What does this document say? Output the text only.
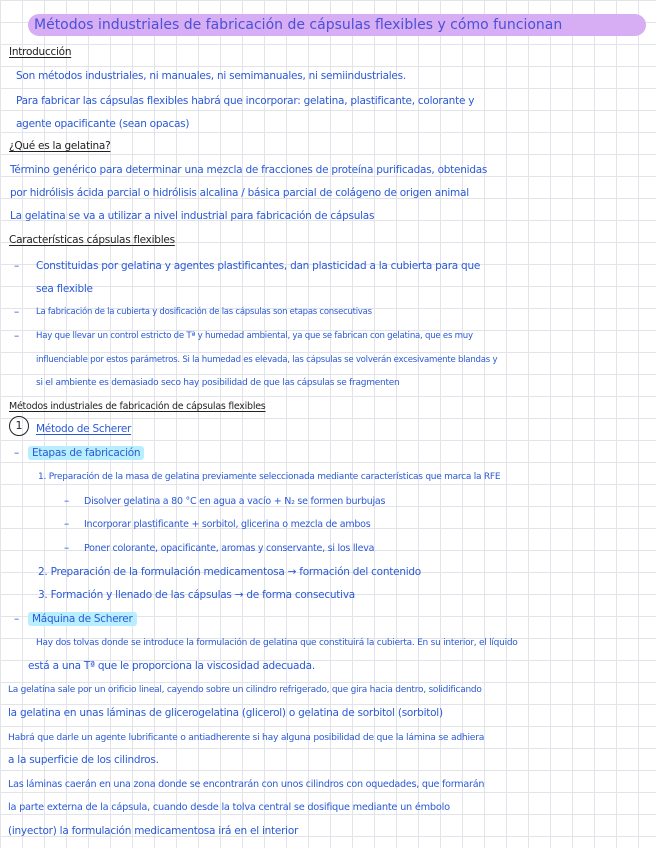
Métodos industriales de fabricación de cápsulas flexibles y cómo funcionan
Introducción
Son métodos industriales, ni manuales, ni semimanuales, ni semiindustriales.
Para fabricar las cápsulas flexibles habrá que incorporar: gelatina, plastificante, colorante y
agente opacificante (sean opacas)
¿Qué es la gelatina?
Término genérico para determinar una mezcla de fracciones de proteína purificadas, obtenidas
por hidrólisis ácida parcial o hidrólisis alcalina / básica parcial de colágeno de origen animal
La gelatina se va a utilizar a nivel industrial para fabricación de cápsulas
Características cápsulas flexibles
– Constituidas por gelatina y agentes plastificantes, dan plasticidad a la cubierta para que
sea flexible
– La fabricación de la cubierta y dosificación de las cápsulas son etapas consecutivas
– Hay que llevar un control estricto de Tª y humedad ambiental, ya que se fabrican con gelatina, que es muy
influenciable por estos parámetros. Si la humedad es elevada, las cápsulas se volverán excesivamente blandas y
si el ambiente es demasiado seco hay posibilidad de que las cápsulas se fragmenten
Métodos industriales de fabricación de cápsulas flexibles
1	Método de Scherer
–	Etapas de fabricación
1. Preparación de la masa de gelatina previamente seleccionada mediante características que marca la RFE
– Disolver gelatina a 80 °C en agua a vacío + N₂ se formen burbujas
– Incorporar plastificante + sorbitol, glicerina o mezcla de ambos
– Poner colorante, opacificante, aromas y conservante, si los lleva
2. Preparación de la formulación medicamentosa → formación del contenido
3. Formación y llenado de las cápsulas → de forma consecutiva
–	Máquina de Scherer
Hay dos tolvas donde se introduce la formulación de gelatina que constituirá la cubierta. En su interior, el líquido
está a una Tª que le proporciona la viscosidad adecuada.
La gelatina sale por un orificio lineal, cayendo sobre un cilindro refrigerado, que gira hacia dentro, solidificando
la gelatina en unas láminas de glicerogelatina (glicerol) o gelatina de sorbitol (sorbitol)
Habrá que darle un agente lubrificante o antiadherente si hay alguna posibilidad de que la lámina se adhiera
a la superficie de los cilindros.
Las láminas caerán en una zona donde se encontrarán con unos cilindros con oquedades, que formarán
la parte externa de la cápsula, cuando desde la tolva central se dosifique mediante un émbolo
(inyector) la formulación medicamentosa irá en el interior
